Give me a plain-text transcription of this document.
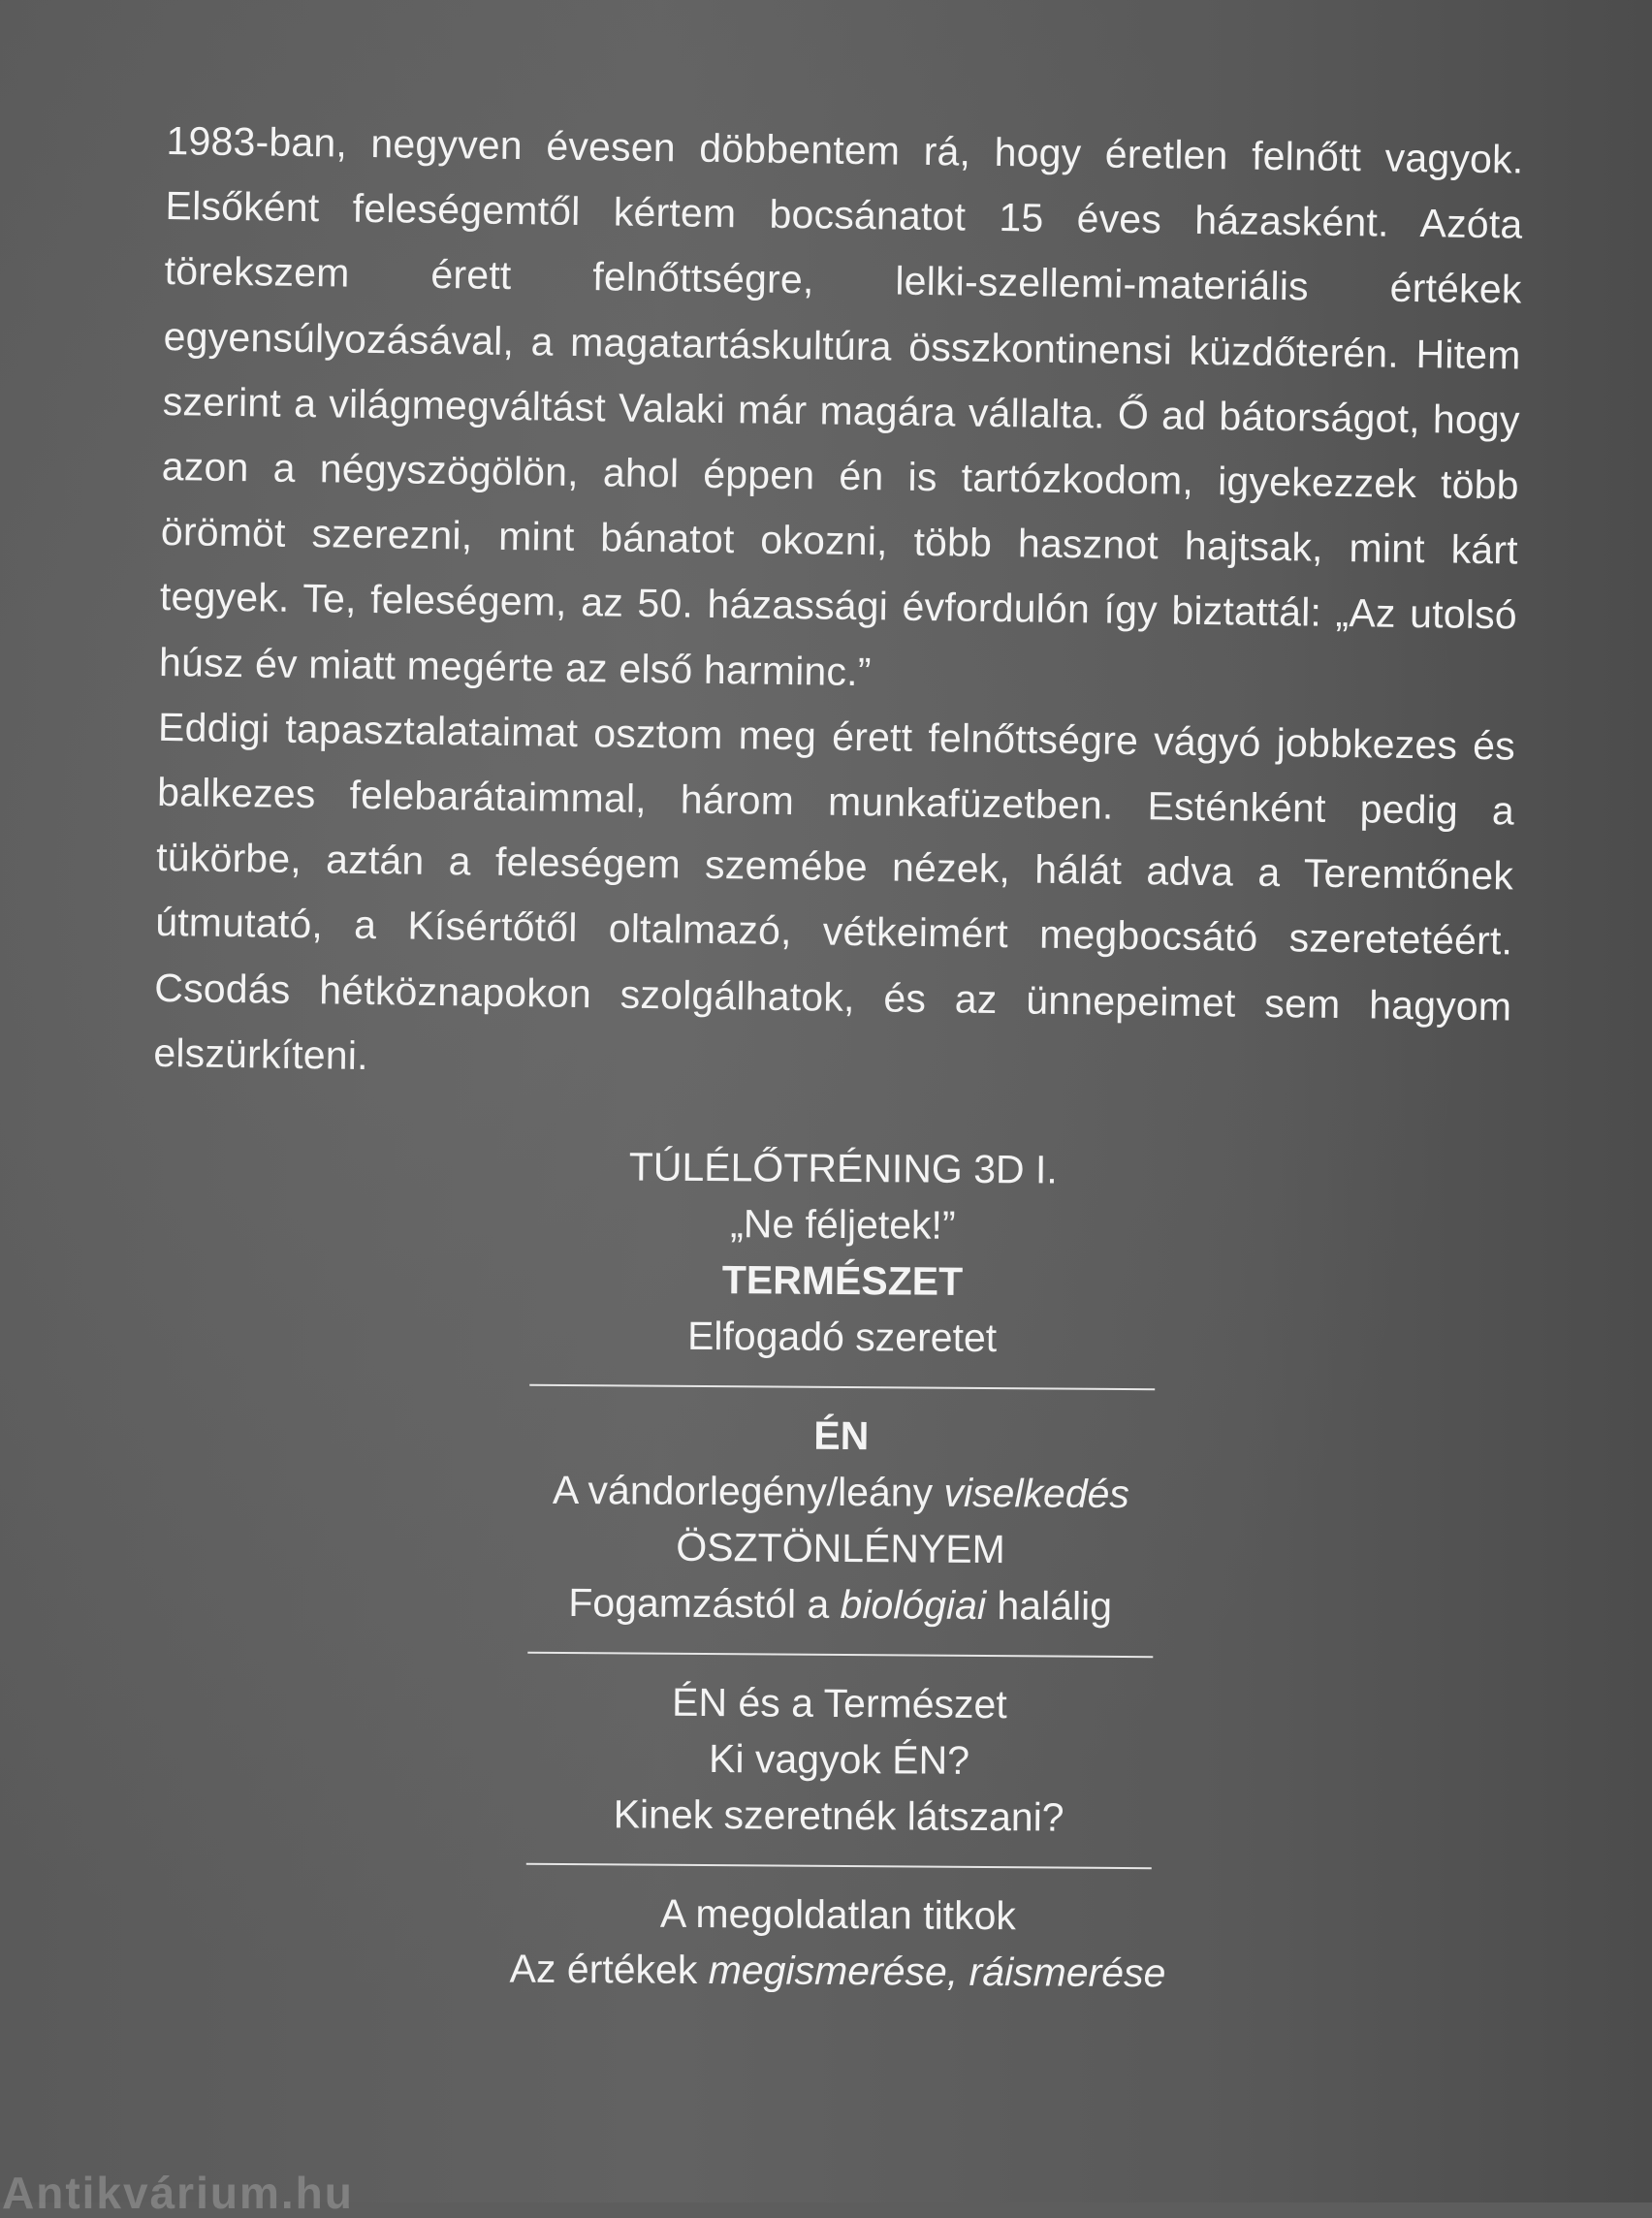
1983-ban, negyven évesen döbbentem rá, hogy éretlen felnőtt vagyok. Elsőként feleségemtől kértem bocsánatot 15 éves házasként. Azóta törekszem érett felnőttségre, lelki-szellemi-materiális értékek egyensúlyozásával, a magatartáskultúra összkontinensi küzdőterén. Hitem szerint a világmegváltást Valaki már magára vállalta. Ő ad bátorságot, hogy azon a négyszögölön, ahol éppen én is tartózkodom, igyekezzek több örömöt szerezni, mint bánatot okozni, több hasznot hajtsak, mint kárt tegyek. Te, feleségem, az 50. házassági évfordulón így biztattál: „Az utolsó húsz év miatt megérte az első harminc.”

Eddigi tapasztalataimat osztom meg érett felnőttségre vágyó jobbkezes és balkezes felebarátaimmal, három munkafüzetben. Esténként pedig a tükörbe, aztán a feleségem szemébe nézek, hálát adva a Teremtőnek útmutató, a Kísértőtől oltalmazó, vétkeimért megbocsátó szeretetéért. Csodás hétköznapokon szolgálhatok, és az ünnepeimet sem hagyom elszürkíteni.

TÚLÉLŐTRÉNING 3D I.
„Ne féljetek!”
TERMÉSZET
Elfogadó szeretet
ÉN
A vándorlegény/leány viselkedés
ÖSZTÖNLÉNYEM
Fogamzástól a biológiai halálig
ÉN és a Természet
Ki vagyok ÉN?
Kinek szeretnék látszani?
A megoldatlan titkok
Az értékek megismerése, ráismerése
Antikvárium.hu
